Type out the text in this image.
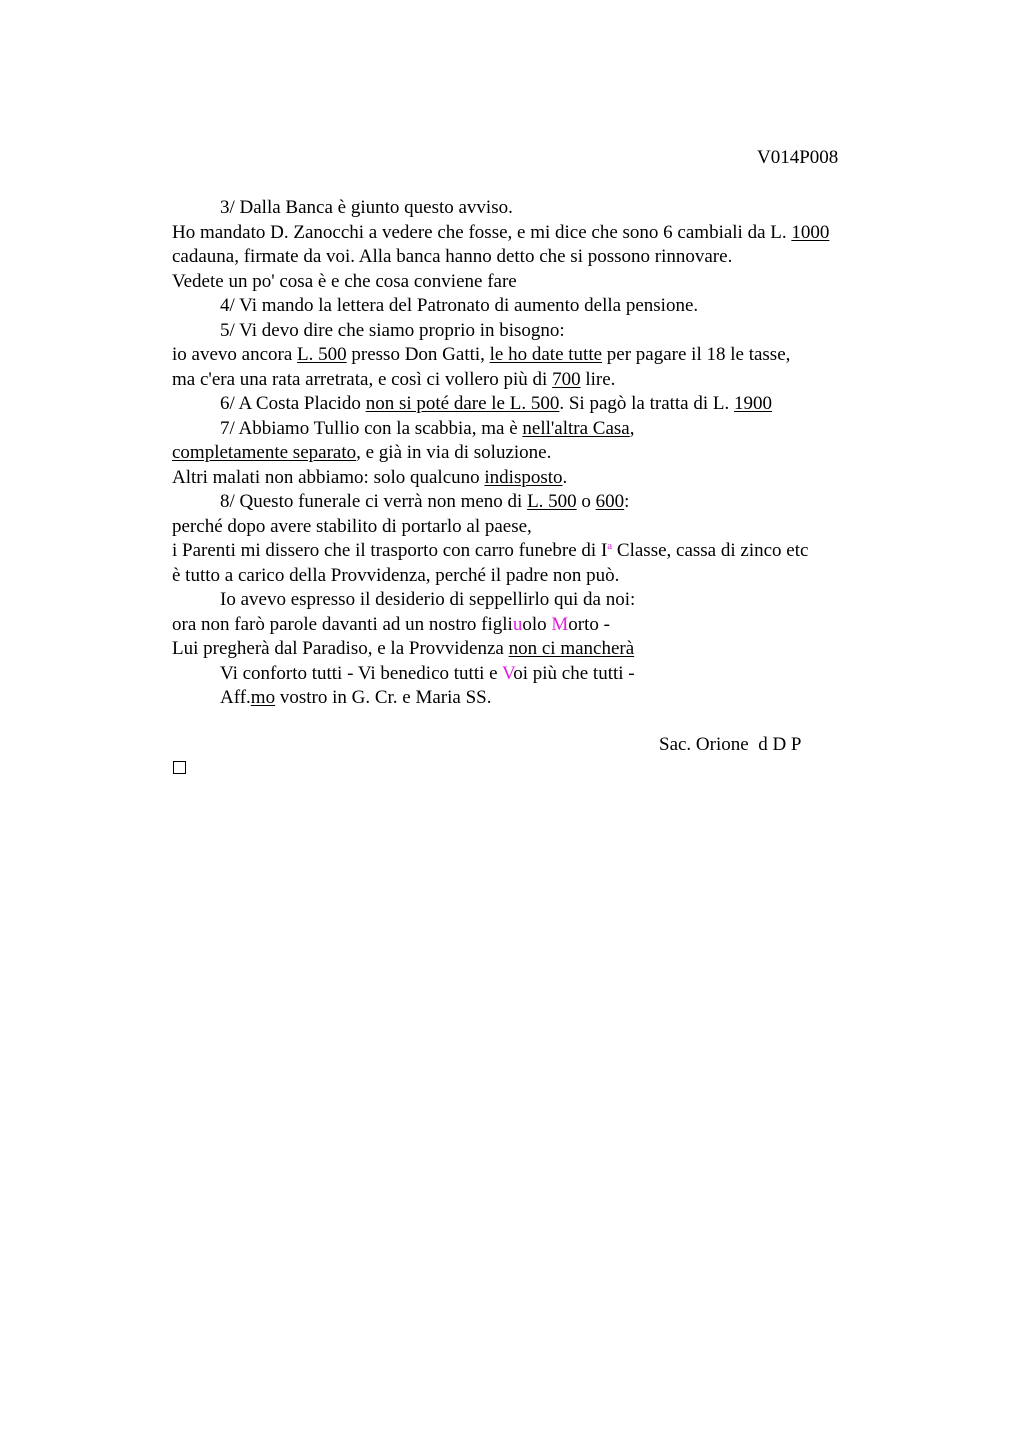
V014P008
3/ Dalla Banca è giunto questo avviso.
Ho mandato D. Zanocchi a vedere che fosse, e mi dice che sono 6 cambiali da L. 1000
cadauna, firmate da voi. Alla banca hanno detto che si possono rinnovare.
Vedete un po' cosa è e che cosa conviene fare
4/ Vi mando la lettera del Patronato di aumento della pensione.
5/ Vi devo dire che siamo proprio in bisogno:
io avevo ancora L. 500 presso Don Gatti, le ho date tutte per pagare il 18 le tasse,
ma c'era una rata arretrata, e così ci vollero più di 700 lire.
6/ A Costa Placido non si poté dare le L. 500. Si pagò la tratta di L. 1900
7/ Abbiamo Tullio con la scabbia, ma è nell'altra Casa,
completamente separato, e già in via di soluzione.
Altri malati non abbiamo: solo qualcuno indisposto.
8/ Questo funerale ci verrà non meno di L. 500 o 600:
perché dopo avere stabilito di portarlo al paese,
i Parenti mi dissero che il trasporto con carro funebre di $I^a$ Classe, cassa di zinco etc
è tutto a carico della Provvidenza, perché il padre non può.
Io avevo espresso il desiderio di seppellirlo qui da noi:
ora non farò parole davanti ad un nostro figliuolo Morto -
Lui pregherà dal Paradiso, e la Provvidenza non ci mancherà
Vi conforto tutti - Vi benedico tutti e Voi più che tutti -
Aff.mo vostro in G. Cr. e Maria SS.
Sac. Orione  d D P
